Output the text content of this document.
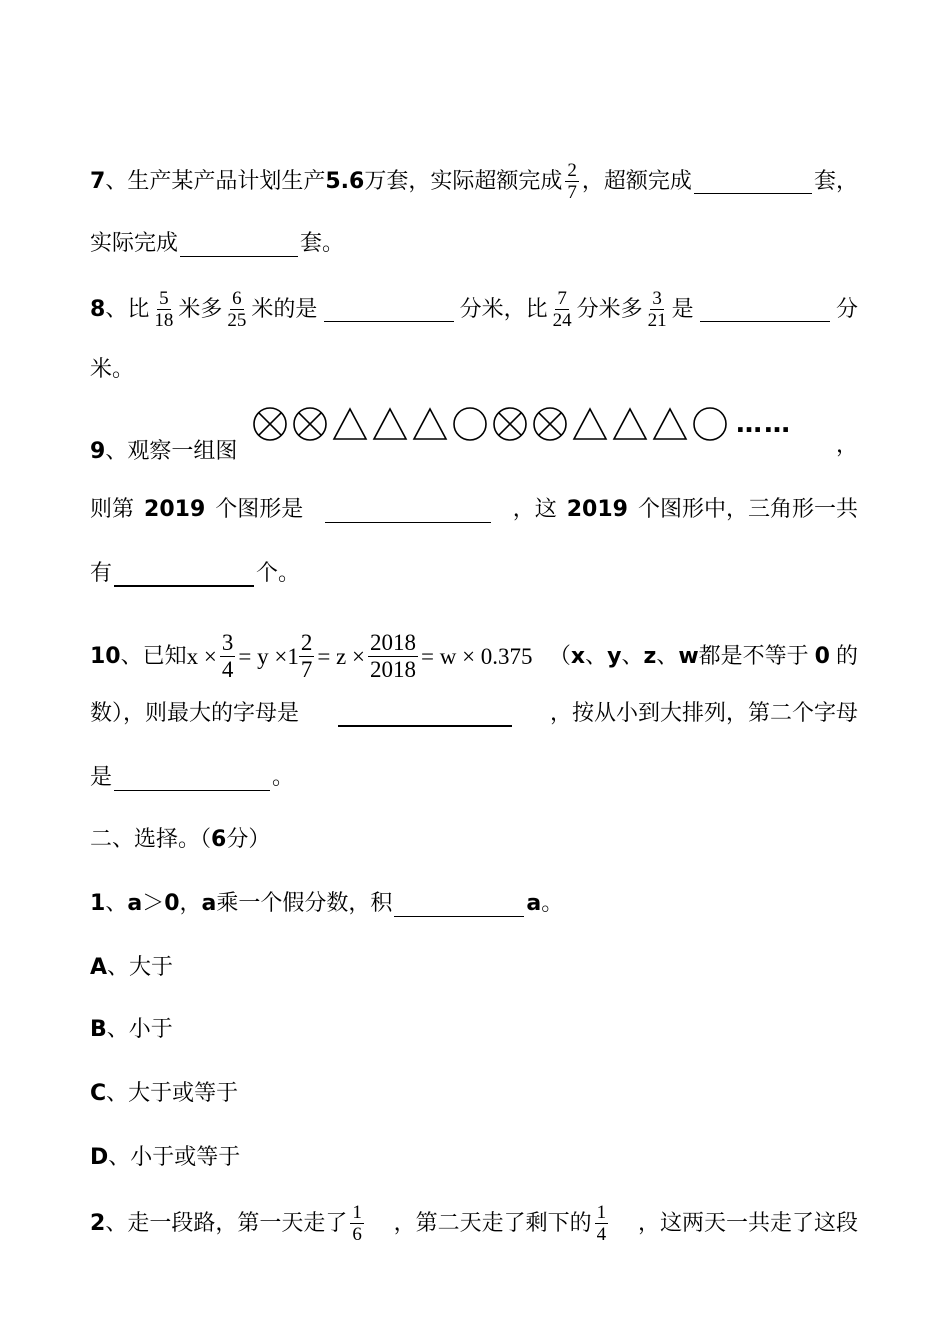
7 、生产某产品计划生产 5.6 万套，实际超额完成 $\frac{2}{7}$ ，超额完成	套，
实际完成	套。
8 、比 $\frac{5}{18}$ 米多 $\frac{6}{25}$ 米的是	分米，比 $\frac{7}{24}$ 分米多 $\frac{3}{21}$ 是	分
米。
……
9 、观察一组图	，
则第 2019 个图形是	，这 2019 个图形中，三角形一共
有	个。
10 、已知 $x \times \frac{3}{4} = y \times 1 \frac{2}{7} = z \times \frac{2018}{2018} = w \times 0.375$ （ x 、 y 、 z 、 w 都是不等于 0 的
数），则最大的字母是	，按从小到大排列，第二个字母
是	。
二、选择。（ 6 分）
1 、 a ＞ 0 ， a 乘一个假分数，积	a 。
A 、大于
B 、小于
C 、大于或等于
D 、小于或等于
2 、走一段路，第一天走了 $\frac{1}{6}$ ，第二天走了剩下的 $\frac{1}{4}$ ，这两天一共走了这段
